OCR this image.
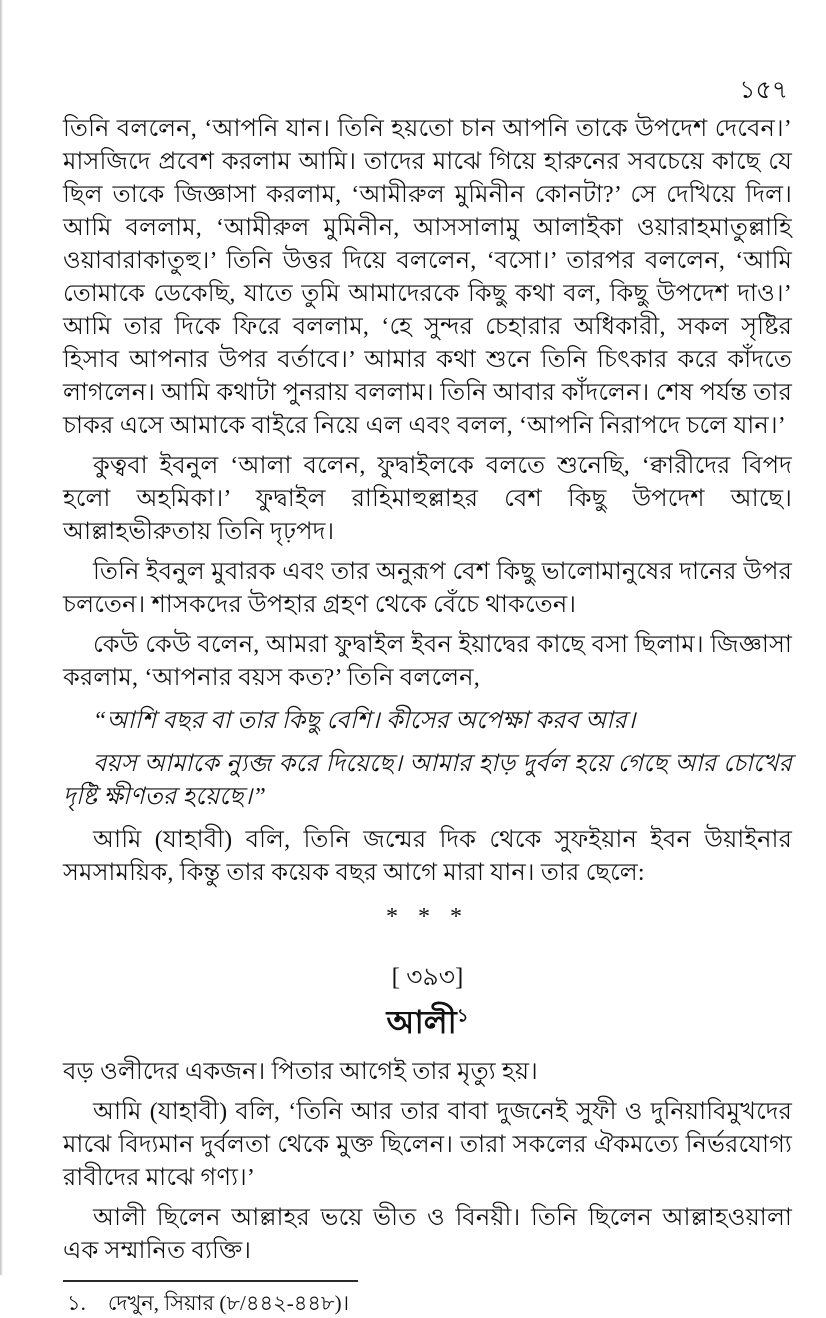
১৫৭

তিনি বললেন, ‘আপনি যান। তিনি হয়তো চান আপনি তাকে উপদেশ দেবেন।’ মাসজিদে প্রবেশ করলাম আমি। তাদের মাঝে গিয়ে হারুনের সবচেয়ে কাছে যে ছিল তাকে জিজ্ঞাসা করলাম, ‘আমীরুল মুমিনীন কোনটা?’ সে দেখিয়ে দিল। আমি বললাম, ‘আমীরুল মুমিনীন, আসসালামু আলাইকা ওয়ারাহমাতুল্লাহি ওয়াবারাকাতুহু।’ তিনি উত্তর দিয়ে বললেন, ‘বসো।’ তারপর বললেন, ‘আমি তোমাকে ডেকেছি, যাতে তুমি আমাদেরকে কিছু কথা বল, কিছু উপদেশ দাও।’ আমি তার দিকে ফিরে বললাম, ‘হে সুন্দর চেহারার অধিকারী, সকল সৃষ্টির হিসাব আপনার উপর বর্তাবে।’ আমার কথা শুনে তিনি চিৎকার করে কাঁদতে লাগলেন। আমি কথাটা পুনরায় বললাম। তিনি আবার কাঁদলেন। শেষ পর্যন্ত তার চাকর এসে আমাকে বাইরে নিয়ে এল এবং বলল, ‘আপনি নিরাপদে চলে যান।’

কুত্ববা ইবনুল ‘আলা বলেন, ফুদ্বাইলকে বলতে শুনেছি, ‘ক্বারীদের বিপদ হলো অহমিকা।’ ফুদ্বাইল রাহিমাহুল্লাহর বেশ কিছু উপদেশ আছে। আল্লাহভীরুতায় তিনি দৃঢ়পদ।

তিনি ইবনুল মুবারক এবং তার অনুরূপ বেশ কিছু ভালোমানুষের দানের উপর চলতেন। শাসকদের উপহার গ্রহণ থেকে বেঁচে থাকতেন।

কেউ কেউ বলেন, আমরা ফুদ্বাইল ইবন ইয়াদ্বের কাছে বসা ছিলাম। জিজ্ঞাসা করলাম, ‘আপনার বয়স কত?’ তিনি বললেন,

“আশি বছর বা তার কিছু বেশি। কীসের অপেক্ষা করব আর।

বয়স আমাকে ন্যুব্জ করে দিয়েছে। আমার হাড় দুর্বল হয়ে গেছে আর চোখের দৃষ্টি ক্ষীণতর হয়েছে।”

আমি (যাহাবী) বলি, তিনি জন্মের দিক থেকে সুফইয়ান ইবন উয়াইনার সমসাময়িক, কিন্তু তার কয়েক বছর আগে মারা যান। তার ছেলে:

* * *
[ ৩৯৩]
আলী$^১$

বড় ওলীদের একজন। পিতার আগেই তার মৃত্যু হয়।

আমি (যাহাবী) বলি, ‘তিনি আর তার বাবা দুজনেই সুফী ও দুনিয়াবিমুখদের মাঝে বিদ্যমান দুর্বলতা থেকে মুক্ত ছিলেন। তারা সকলের ঐকমত্যে নির্ভরযোগ্য রাবীদের মাঝে গণ্য।’

আলী ছিলেন আল্লাহর ভয়ে ভীত ও বিনয়ী। তিনি ছিলেন আল্লাহওয়ালা এক সম্মানিত ব্যক্তি।

১. দেখুন, সিয়ার (৮/৪৪২-৪৪৮)।
